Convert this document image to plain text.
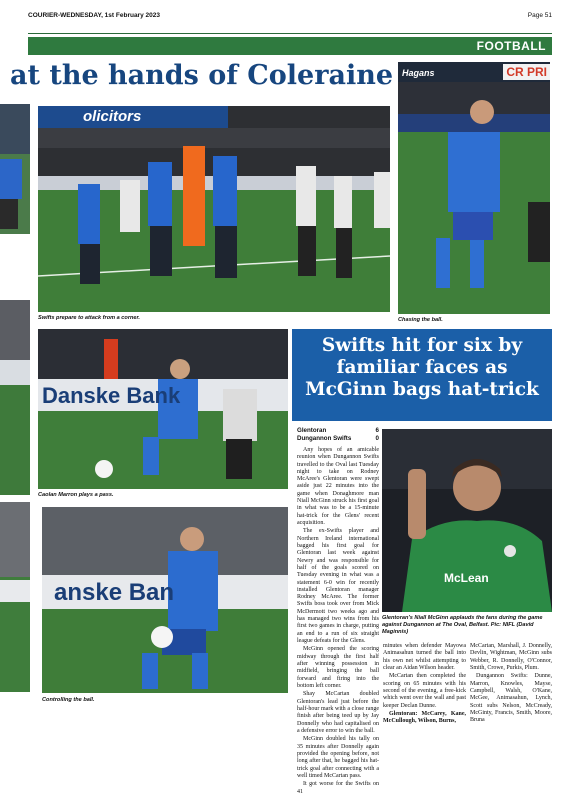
COURIER-WEDNESDAY, 1st February 2023	Page 51
FOOTBALL
at the hands of Coleraine
olicitors
Swifts prepare to attack from a corner.
Hagans	CR PRI
Chasing the ball.
Danske Bank
Caolan Marron plays a pass.
anske Ban
Controlling the ball.
Swifts hit for six by familiar faces as McGinn bags hat-trick
Glentoran	6
Dungannon Swifts	0

Any hopes of an amicable reunion when Dungannon Swifts travelled to the Oval last Tuesday night to take on Rodney McAree's Glentoran were swept aside just 22 minutes into the game when Donaghmore man Niall McGinn struck his first goal in what was to be a 15-minute hat-trick for the Glens' recent acquisition.

The ex-Swifts player and Northern Ireland international bagged his first goal for Glentoran last week against Newry and was responsible for half of the goals scored on Tuesday evening in what was a statement 6-0 win for recently installed Glentoran manager Rodney McAree. The former Swifts boss took over from Mick McDermott two weeks ago and has managed two wins from his first two games in charge, putting an end to a run of six straight league defeats for the Glens.

McGinn opened the scoring midway through the first half after winning possession in midfield, bringing the ball forward and firing into the bottom left corner.

Shay McCartan doubled Glentoran's lead just before the half-hour mark with a close range finish after being teed up by Jay Donnelly who had capitalised on a defensive error to win the ball.

McGinn doubled his tally on 35 minutes after Donnelly again provided the opening before, not long after that, he bagged his hat-trick goal after connecting with a well timed McCartan pass.

It got worse for the Swifts on 41

McLean
Glentoran's Niall McGinn applauds the fans during the game against Dungannon at The Oval, Belfast. Pic: NIFL (David Maginnis)

minutes when defender Mayowa Animasahun turned the ball into his own net whilst attempting to clear an Aidan Wilson header.

McCartan then completed the scoring on 65 minutes with his second of the evening, a free-kick which went over the wall and past keeper Declan Dunne.

Glentoran: McCarey, Kane, McCullough, Wilson, Burns,

McCartan, Marshall, J. Donnelly, Devlin, Wightman, McGinn subs Webber, R. Donnelly, O'Connor, Smith, Crowe, Purkis, Plum.

Dungannon Swifts: Dunne, Marron, Knowles, Mayse, Campbell, Walsh, O'Kane, McGee, Animasahun, Lynch, Scott subs Nelson, McCready, McGinty, Francis, Smith, Moore, Bruna
